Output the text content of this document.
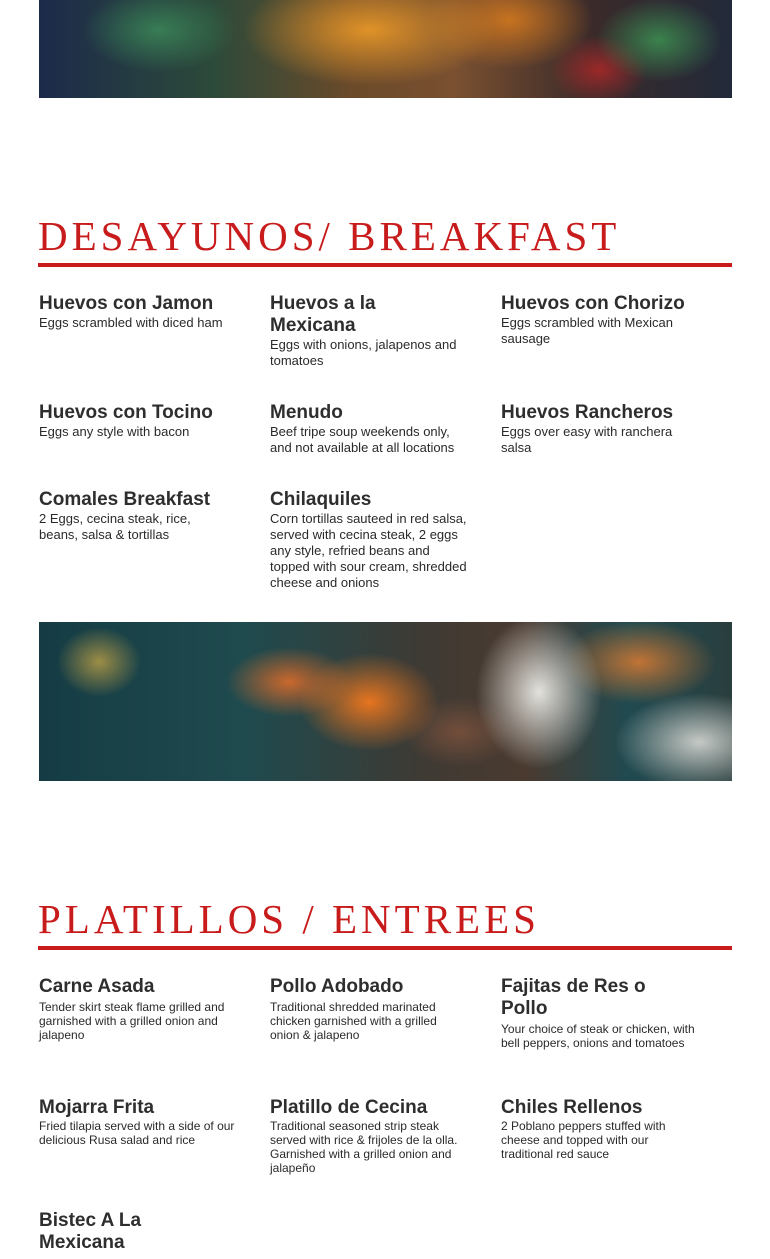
DESAYUNOS/ BREAKFAST
Huevos con Jamon
Eggs scrambled with diced ham
Huevos a la Mexicana
Eggs with onions, jalapenos and tomatoes
Huevos con Chorizo
Eggs scrambled with Mexican sausage
Huevos con Tocino
Eggs any style with bacon
Menudo
Beef tripe soup weekends only, and not available at all locations
Huevos Rancheros
Eggs over easy with ranchera salsa
Comales Breakfast
2 Eggs, cecina steak, rice, beans, salsa & tortillas
Chilaquiles
Corn tortillas sauteed in red salsa, served with cecina steak, 2 eggs any style, refried beans and topped with sour cream, shredded cheese and onions
PLATILLOS / ENTREES
Carne Asada
Tender skirt steak flame grilled and garnished with a grilled onion and jalapeno
Pollo Adobado
Traditional shredded marinated chicken garnished with a grilled onion & jalapeno
Fajitas de Res o Pollo
Your choice of steak or chicken, with bell peppers, onions and tomatoes
Mojarra Frita
Fried tilapia served with a side of our delicious Rusa salad and rice
Platillo de Cecina
Traditional seasoned strip steak served with rice & frijoles de la olla. Garnished with a grilled onion and jalapeño
Chiles Rellenos
2 Poblano peppers stuffed with cheese and topped with our traditional red sauce
Bistec A La Mexicana
